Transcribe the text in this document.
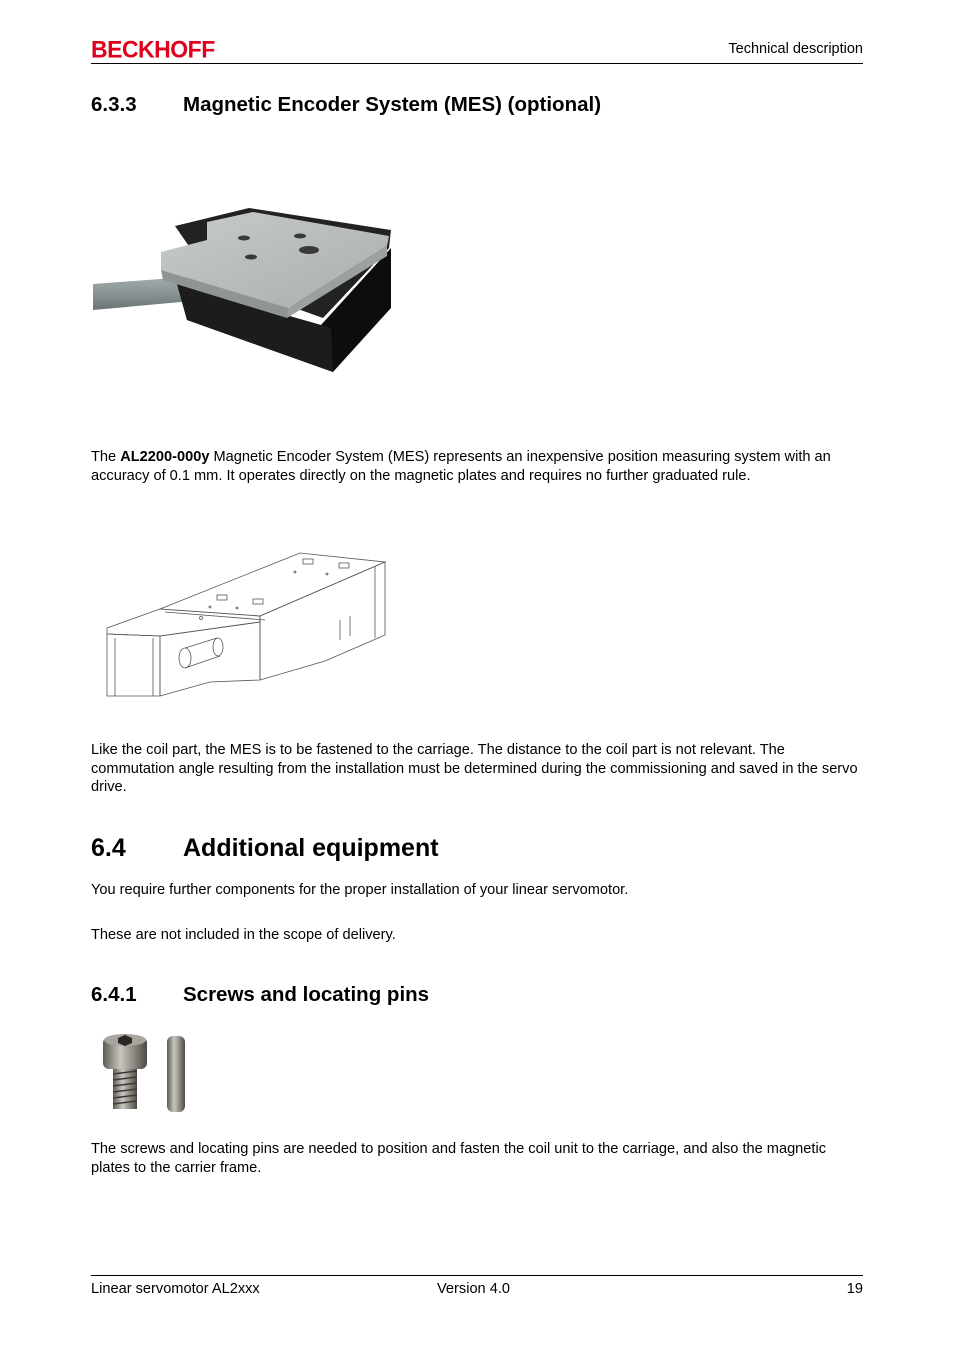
BECKHOFF	Technical description
6.3.3 Magnetic Encoder System (MES) (optional)
The AL2200-000y Magnetic Encoder System (MES) represents an inexpensive position measuring system with an accuracy of 0.1 mm. It operates directly on the magnetic plates and requires no further graduated rule.
Like the coil part, the MES is to be fastened to the carriage. The distance to the coil part is not relevant. The commutation angle resulting from the installation must be determined during the commissioning and saved in the servo drive.
6.4 Additional equipment
You require further components for the proper installation of your linear servomotor.
These are not included in the scope of delivery.
6.4.1 Screws and locating pins
The screws and locating pins are needed to position and fasten the coil unit to the carriage, and also the magnetic plates to the carrier frame.
Linear servomotor AL2xxx	Version 4.0	19
